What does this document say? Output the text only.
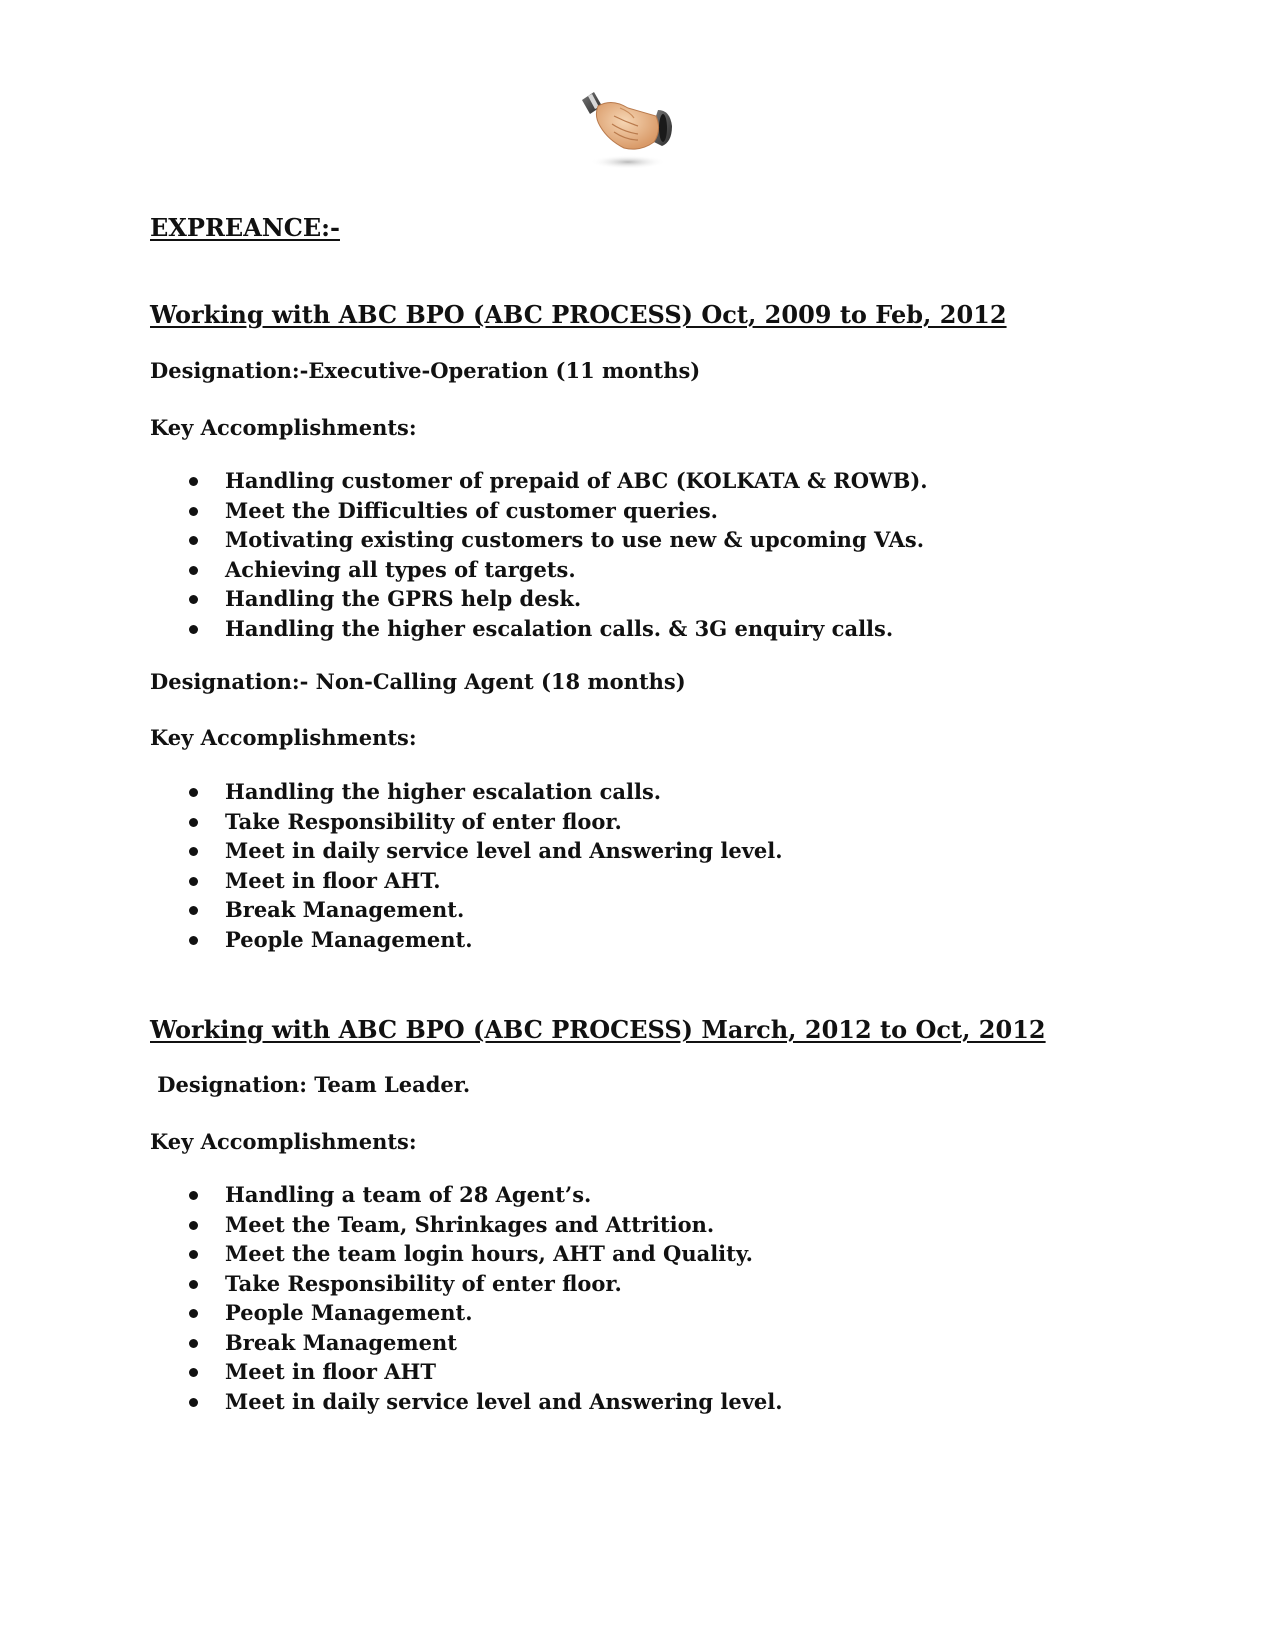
EXPREANCE:-
Working with ABC BPO (ABC PROCESS) Oct, 2009 to Feb, 2012
Designation:-Executive-Operation (11 months)
Key Accomplishments:
Handling customer of prepaid of ABC (KOLKATA & ROWB).
Meet the Difficulties of customer queries.
Motivating existing customers to use new & upcoming VAs.
Achieving all types of targets.
Handling the GPRS help desk.
Handling the higher escalation calls. & 3G enquiry calls.
Designation:- Non-Calling Agent (18 months)
Key Accomplishments:
Handling the higher escalation calls.
Take Responsibility of enter floor.
Meet in daily service level and Answering level.
Meet in floor AHT.
Break Management.
People Management.
Working with ABC BPO (ABC PROCESS) March, 2012 to Oct, 2012
Designation: Team Leader.
Key Accomplishments:
Handling a team of 28 Agent’s.
Meet the Team, Shrinkages and Attrition.
Meet the team login hours, AHT and Quality.
Take Responsibility of enter floor.
People Management.
Break Management
Meet in floor AHT
Meet in daily service level and Answering level.
